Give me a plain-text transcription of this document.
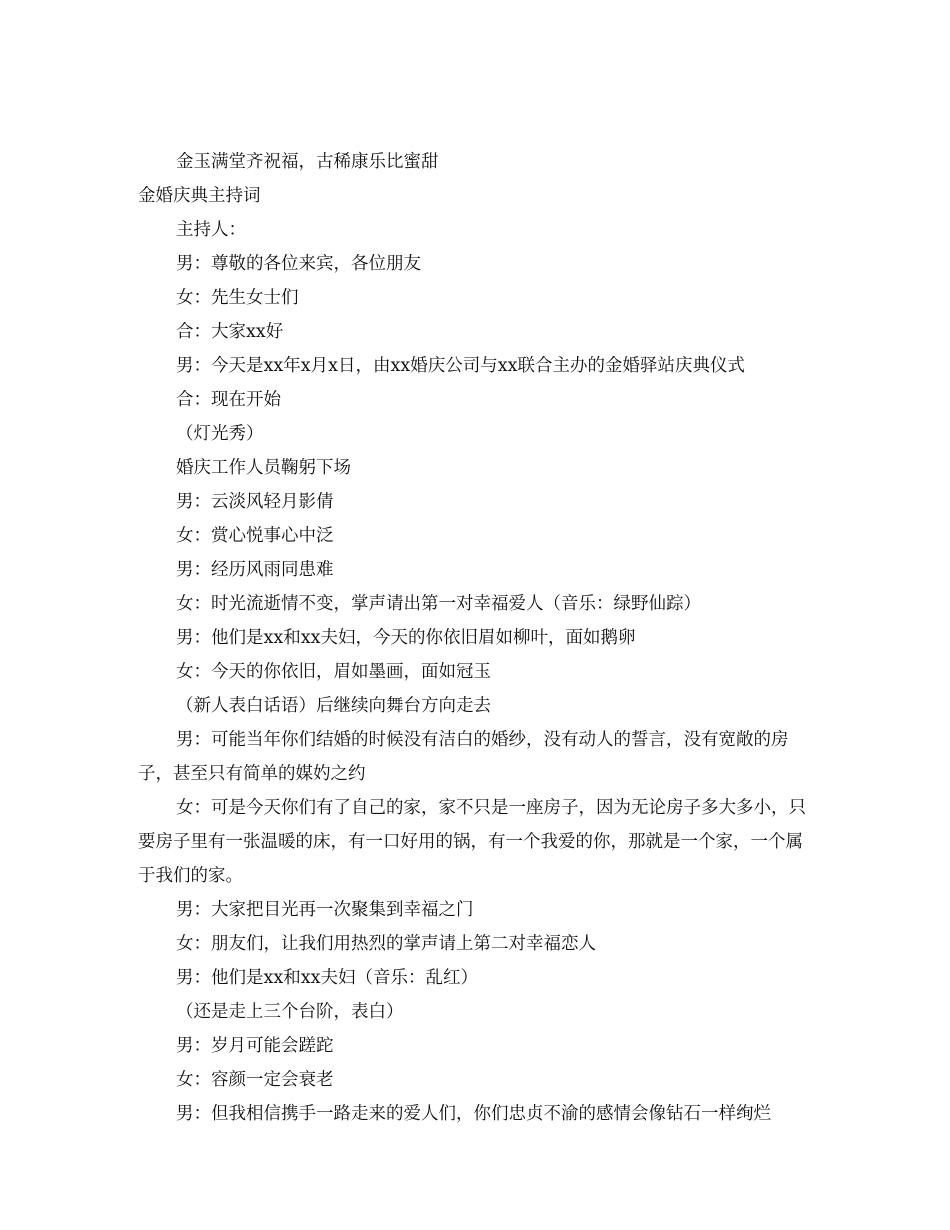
金玉满堂齐祝福，古稀康乐比蜜甜

金婚庆典主持词

主持人：

男：尊敬的各位来宾，各位朋友

女：先生女士们

合：大家xx好

男：今天是xx年x月x日，由xx婚庆公司与xx联合主办的金婚驿站庆典仪式

合：现在开始

（灯光秀）

婚庆工作人员鞠躬下场

男：云淡风轻月影倩

女：赏心悦事心中泛

男：经历风雨同患难

女：时光流逝情不变，掌声请出第一对幸福爱人（音乐：绿野仙踪）

男：他们是xx和xx夫妇，今天的你依旧眉如柳叶，面如鹅卵

女：今天的你依旧，眉如墨画，面如冠玉

（新人表白话语）后继续向舞台方向走去

男：可能当年你们结婚的时候没有洁白的婚纱，没有动人的誓言，没有宽敞的房子，甚至只有简单的媒妁之约

女：可是今天你们有了自己的家，家不只是一座房子，因为无论房子多大多小，只要房子里有一张温暖的床，有一口好用的锅，有一个我爱的你，那就是一个家，一个属于我们的家。

男：大家把目光再一次聚集到幸福之门

女：朋友们，让我们用热烈的掌声请上第二对幸福恋人

男：他们是xx和xx夫妇（音乐：乱红）

（还是走上三个台阶，表白）

男：岁月可能会蹉跎

女：容颜一定会衰老

男：但我相信携手一路走来的爱人们，你们忠贞不渝的感情会像钻石一样绚烂
